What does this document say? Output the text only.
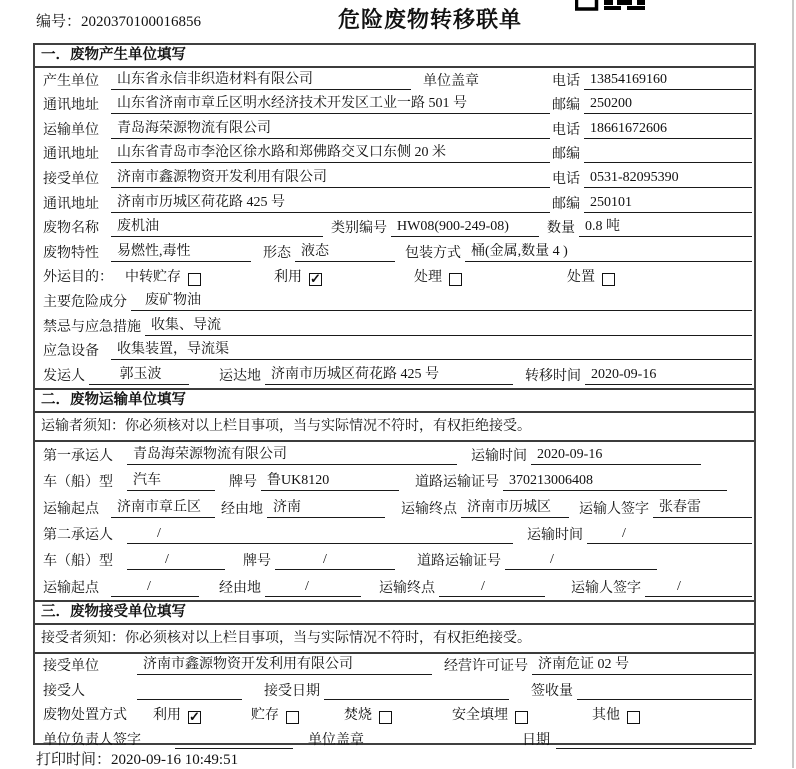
编号：2020370100016856	危险废物转移联单
一．废物产生单位填写
产生单位	山东省永信非织造材料有限公司	单位盖章	电话 13854169160
通讯地址	山东省济南市章丘区明水经济技术开发区工业一路 501 号	邮编 250200
运输单位	青岛海荣源物流有限公司	电话 18661672606
通讯地址	山东省青岛市李沧区徐水路和郑佛路交叉口东侧 20 米	邮编
接受单位	济南市鑫源物资开发利用有限公司	电话 0531-82095390
通讯地址	济南市历城区荷花路 425 号	邮编 250101
废物名称	废机油	类别编号 HW08(900-249-08)	数量 0.8 吨
废物特性	易燃性,毒性	形态 液态	包装方式 桶(金属,数量 4 )
外运目的： 中转贮存	利用 ✓	处理	处置
主要危险成分	废矿物油
禁忌与应急措施 收集、导流
应急设备	收集装置，导流渠
发运人	郭玉波	运达地 济南市历城区荷花路 425 号	转移时间 2020-09-16
二．废物运输单位填写
运输者须知：你必须核对以上栏目事项，当与实际情况不符时，有权拒绝接受。
第一承运人	青岛海荣源物流有限公司	运输时间 2020-09-16
车（船）型	汽车	牌号 鲁UK8120	道路运输证号 370213006408
运输起点	济南市章丘区	经由地 济南	运输终点 济南市历城区	运输人签字 张春雷
第二承运人	/	运输时间	/
车（船）型	/	牌号	/	道路运输证号	/
运输起点	/	经由地	/	运输终点	/	运输人签字	/
三．废物接受单位填写
接受者须知：你必须核对以上栏目事项，当与实际情况不符时，有权拒绝接受。
接受单位	济南市鑫源物资开发利用有限公司	经营许可证号 济南危证 02 号
接受人	接受日期	签收量
废物处置方式 利用 ✓	贮存	焚烧	安全填埋	其他
单位负责人签字	单位盖章	日期
打印时间：2020-09-16 10:49:51
